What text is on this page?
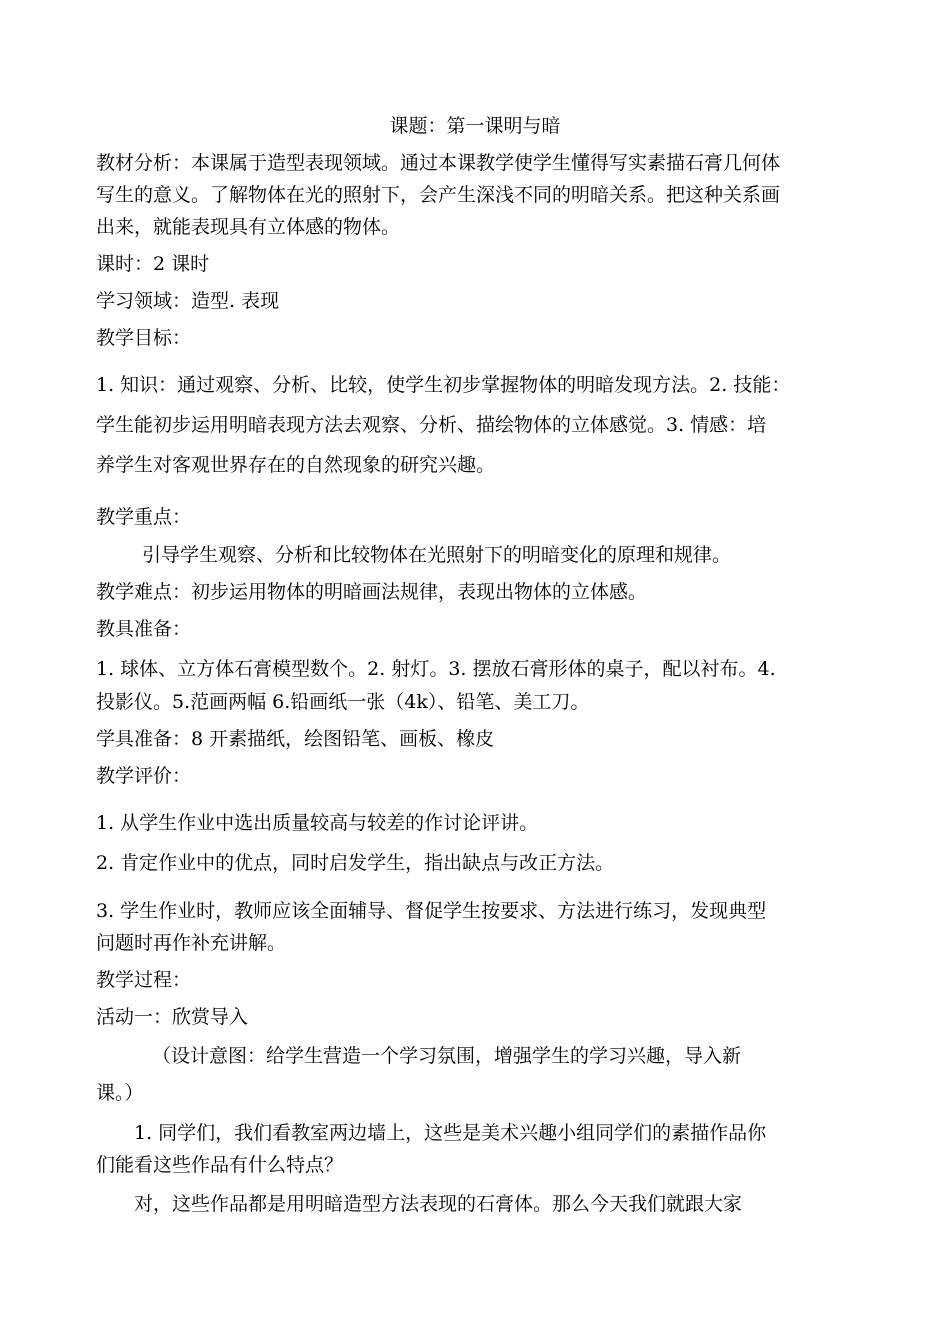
课题：第一课明与暗
教材分析：本课属于造型表现领域。通过本课教学使学生懂得写实素描石膏几何体
写生的意义。了解物体在光的照射下，会产生深浅不同的明暗关系。把这种关系画
出来，就能表现具有立体感的物体。
课时：2 课时
学习领域：造型. 表现
教学目标：
1. 知识：通过观察、分析、比较，使学生初步掌握物体的明暗发现方法。2. 技能：
学生能初步运用明暗表现方法去观察、分析、描绘物体的立体感觉。3. 情感：培
养学生对客观世界存在的自然现象的研究兴趣。
教学重点：
引导学生观察、分析和比较物体在光照射下的明暗变化的原理和规律。
教学难点：初步运用物体的明暗画法规律，表现出物体的立体感。
教具准备：
1. 球体、立方体石膏模型数个。2. 射灯。3. 摆放石膏形体的桌子，配以衬布。4.
投影仪。5.范画两幅 6.铅画纸一张（4k）、铅笔、美工刀。
学具准备：8 开素描纸，绘图铅笔、画板、橡皮
教学评价：
1. 从学生作业中选出质量较高与较差的作讨论评讲。
2. 肯定作业中的优点，同时启发学生，指出缺点与改正方法。
3. 学生作业时，教师应该全面辅导、督促学生按要求、方法进行练习，发现典型
问题时再作补充讲解。
教学过程：
活动一：欣赏导入
（设计意图：给学生营造一个学习氛围，增强学生的学习兴趣，导入新
课。）
1. 同学们，我们看教室两边墙上，这些是美术兴趣小组同学们的素描作品你
们能看这些作品有什么特点？
对，这些作品都是用明暗造型方法表现的石膏体。那么今天我们就跟大家
